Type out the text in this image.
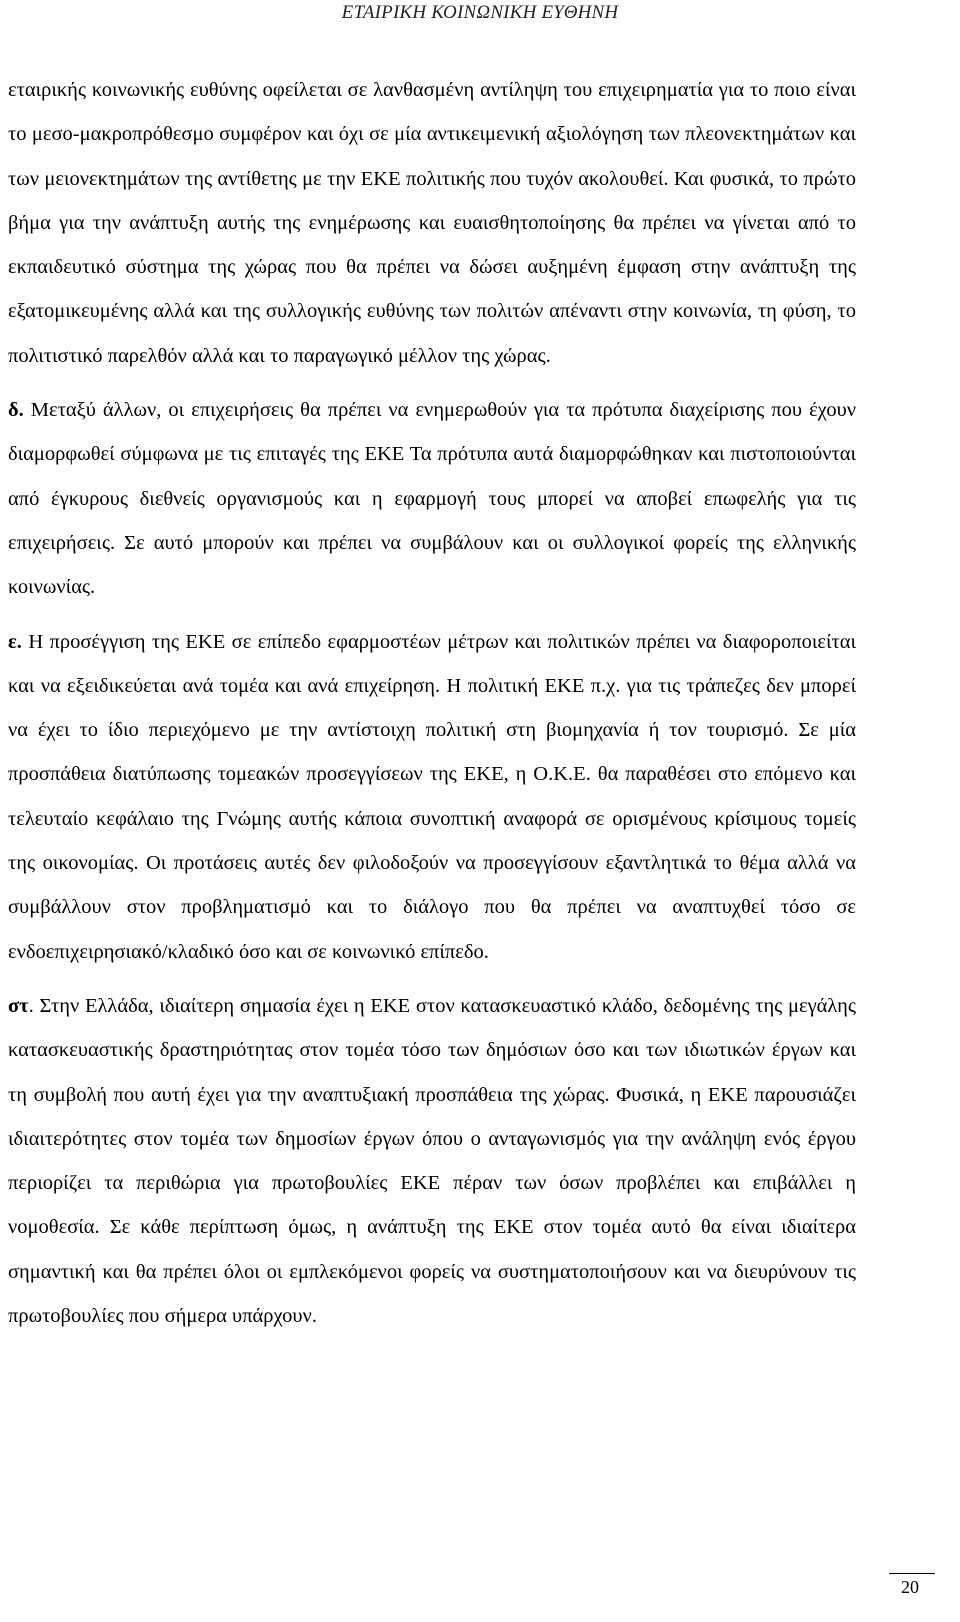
ΕΤΑΙΡΙΚΗ ΚΟΙΝΩΝΙΚΗ ΕΥΘΗΝΗ

εταιρικής κοινωνικής ευθύνης οφείλεται σε λανθασμένη αντίληψη του επιχειρηματία για το ποιο είναι το μεσο-μακροπρόθεσμο συμφέρον και όχι σε μία αντικειμενική αξιολόγηση των πλεονεκτημάτων και των μειονεκτημάτων της αντίθετης με την ΕΚΕ πολιτικής που τυχόν ακολουθεί. Και φυσικά, το πρώτο βήμα για την ανάπτυξη αυτής της ενημέρωσης και ευαισθητοποίησης θα πρέπει να γίνεται από το εκπαιδευτικό σύστημα της χώρας που θα πρέπει να δώσει αυξημένη έμφαση στην ανάπτυξη της εξατομικευμένης αλλά και της συλλογικής ευθύνης των πολιτών απέναντι στην κοινωνία, τη φύση, το πολιτιστικό παρελθόν αλλά και το παραγωγικό μέλλον της χώρας.

δ. Μεταξύ άλλων, οι επιχειρήσεις θα πρέπει να ενημερωθούν για τα πρότυπα διαχείρισης που έχουν διαμορφωθεί σύμφωνα με τις επιταγές της ΕΚΕ Τα πρότυπα αυτά διαμορφώθηκαν και πιστοποιούνται από έγκυρους διεθνείς οργανισμούς και η εφαρμογή τους μπορεί να αποβεί επωφελής για τις επιχειρήσεις. Σε αυτό μπορούν και πρέπει να συμβάλουν και οι συλλογικοί φορείς της ελληνικής κοινωνίας.

ε. Η προσέγγιση της ΕΚΕ σε επίπεδο εφαρμοστέων μέτρων και πολιτικών πρέπει να διαφοροποιείται και να εξειδικεύεται ανά τομέα και ανά επιχείρηση. Η πολιτική ΕΚΕ π.χ. για τις τράπεζες δεν μπορεί να έχει το ίδιο περιεχόμενο με την αντίστοιχη πολιτική στη βιομηχανία ή τον τουρισμό. Σε μία προσπάθεια διατύπωσης τομεακών προσεγγίσεων της ΕΚΕ, η Ο.Κ.Ε. θα παραθέσει στο επόμενο και τελευταίο κεφάλαιο της Γνώμης αυτής κάποια συνοπτική αναφορά σε ορισμένους κρίσιμους τομείς της οικονομίας. Οι προτάσεις αυτές δεν φιλοδοξούν να προσεγγίσουν εξαντλητικά το θέμα αλλά να συμβάλλουν στον προβληματισμό και το διάλογο που θα πρέπει να αναπτυχθεί τόσο σε ενδοεπιχειρησιακό/κλαδικό όσο και σε κοινωνικό επίπεδο.

στ. Στην Ελλάδα, ιδιαίτερη σημασία έχει η ΕΚΕ στον κατασκευαστικό κλάδο, δεδομένης της μεγάλης κατασκευαστικής δραστηριότητας στον τομέα τόσο των δημόσιων όσο και των ιδιωτικών έργων και τη συμβολή που αυτή έχει για την αναπτυξιακή προσπάθεια της χώρας. Φυσικά, η ΕΚΕ παρουσιάζει ιδιαιτερότητες στον τομέα των δημοσίων έργων όπου ο ανταγωνισμός για την ανάληψη ενός έργου περιορίζει τα περιθώρια για πρωτοβουλίες ΕΚΕ πέραν των όσων προβλέπει και επιβάλλει η νομοθεσία. Σε κάθε περίπτωση όμως, η ανάπτυξη της ΕΚΕ στον τομέα αυτό θα είναι ιδιαίτερα σημαντική και θα πρέπει όλοι οι εμπλεκόμενοι φορείς να συστηματοποιήσουν και να διευρύνουν τις πρωτοβουλίες που σήμερα υπάρχουν.

20
